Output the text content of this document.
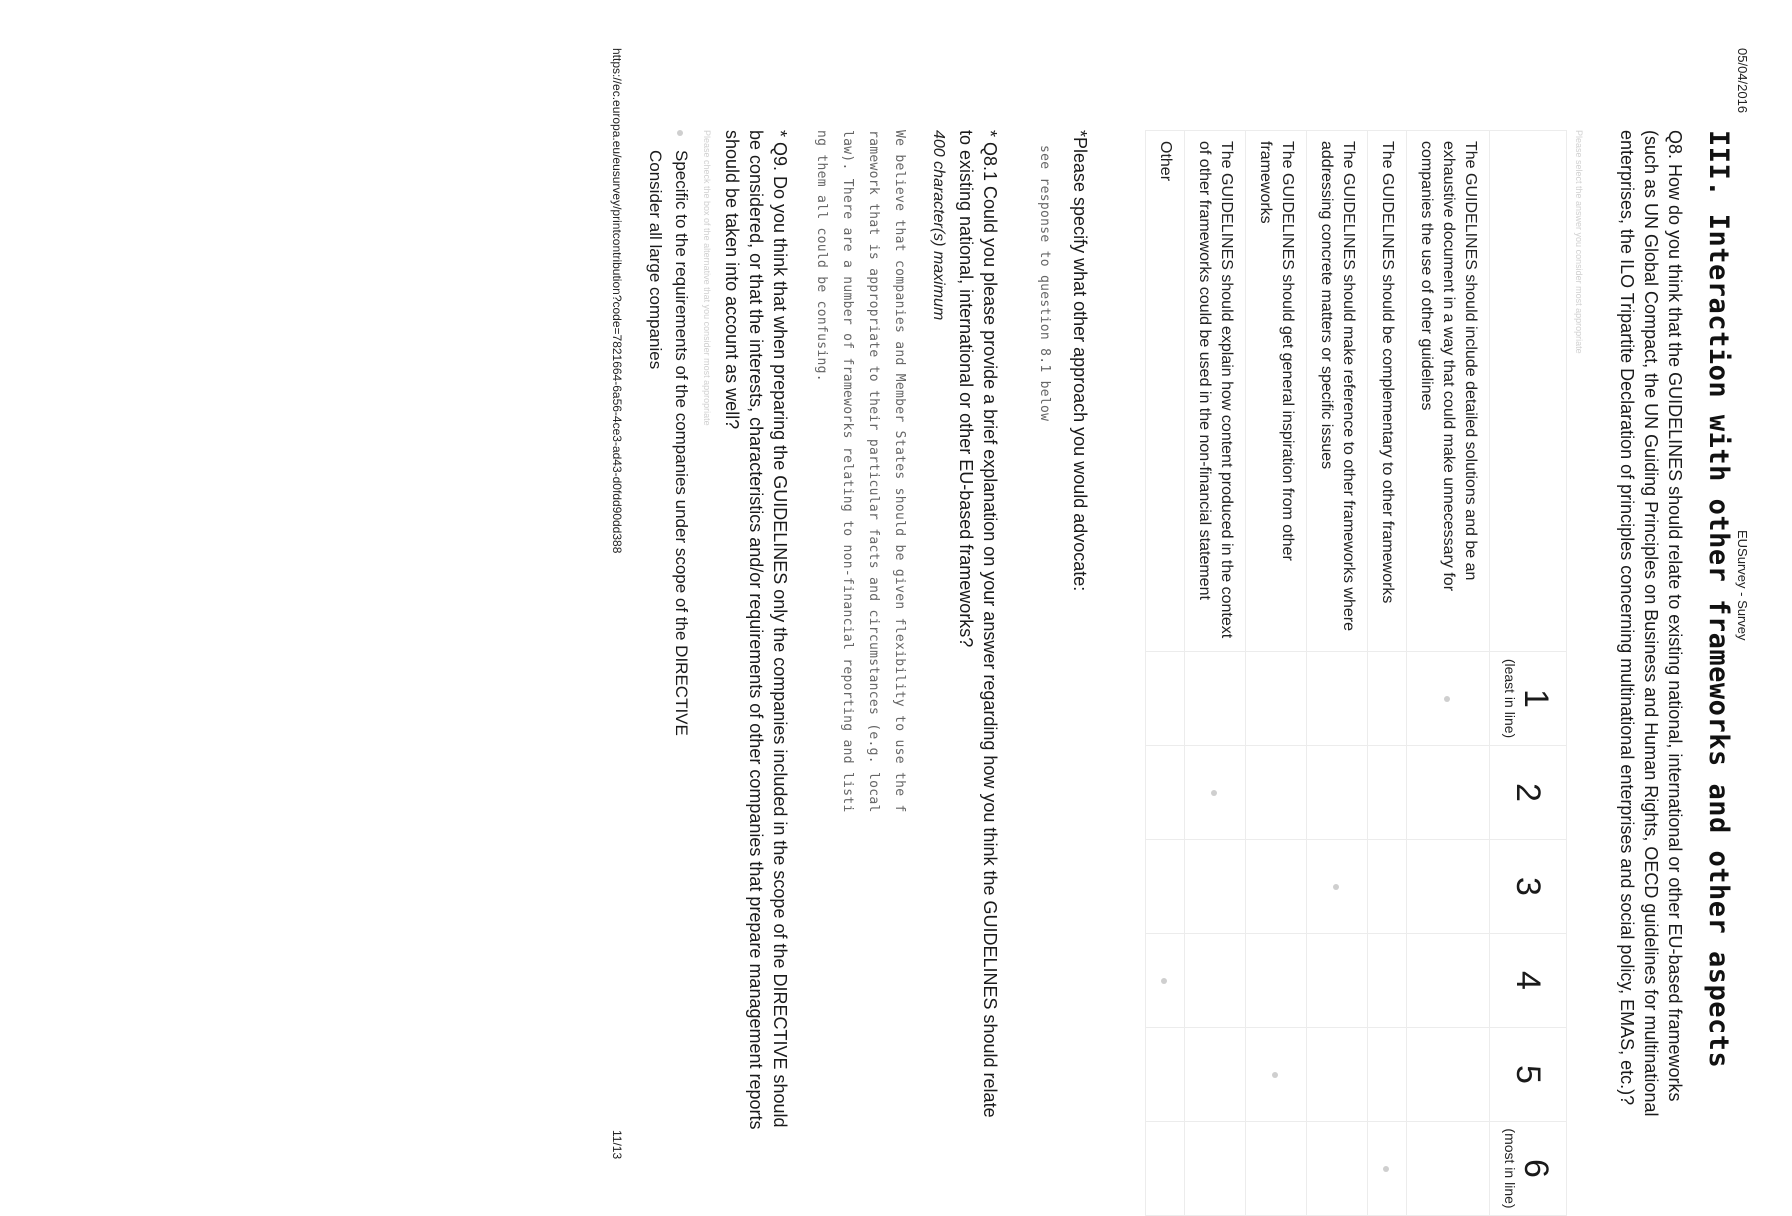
05/04/2016
EUSurvey - Survey
III. Interaction with other frameworks and other aspects
Q8. How do you think that the GUIDELINES should relate to existing national, international or other EU-based frameworks (such as UN Global Compact, the UN Guiding Principles on Business and Human Rights, OECD guidelines for multinational enterprises, the ILO Tripartite Declaration of principles concerning multinational enterprises and social policy, EMAS, etc.)?
Please select the answer you consider most appropriate

	1
(least in line)	2	3	4	5	6
(most in line)

The GUIDELINES should include detailed solutions and be an exhaustive document in a way that could make unnecessary for companies the use of other guidelines						
The GUIDELINES should be complementary to other frameworks						
The GUIDELINES should make reference to other frameworks where addressing concrete matters or specific issues						
The GUIDELINES should get general inspiration from other frameworks						
The GUIDELINES should explain how content produced in the context of other frameworks could be used in the non-financial statement						
Other						
*Please specify what other approach you would advocate:
see response to question 8.1 below
* Q8.1 Could you please provide a brief explanation on your answer regarding how you think the GUIDELINES should relate to existing national, international or other EU-based frameworks?
400 character(s) maximum
We believe that companies and Member States should be given flexibility to use the f
ramework that is appropriate to their particular facts and circumstances (e.g. local
law). There are a number of frameworks relating to non-financial reporting and listi
ng them all could be confusing.
* Q9. Do you think that when preparing the GUIDELINES only the companies included in the scope of the DIRECTIVE should be considered, or that the interests, characteristics and/or requirements of other companies that prepare management reports should be taken into account as well?
Please check the box of the alternative that you consider most appropriate
Specific to the requirements of the companies under scope of the DIRECTIVE
Consider all large companies
https://ec.europa.eu/eusurvey/printcontribution?code=7821664-6a56-4ce3-ad43-d0fdd90dd388
11/13
